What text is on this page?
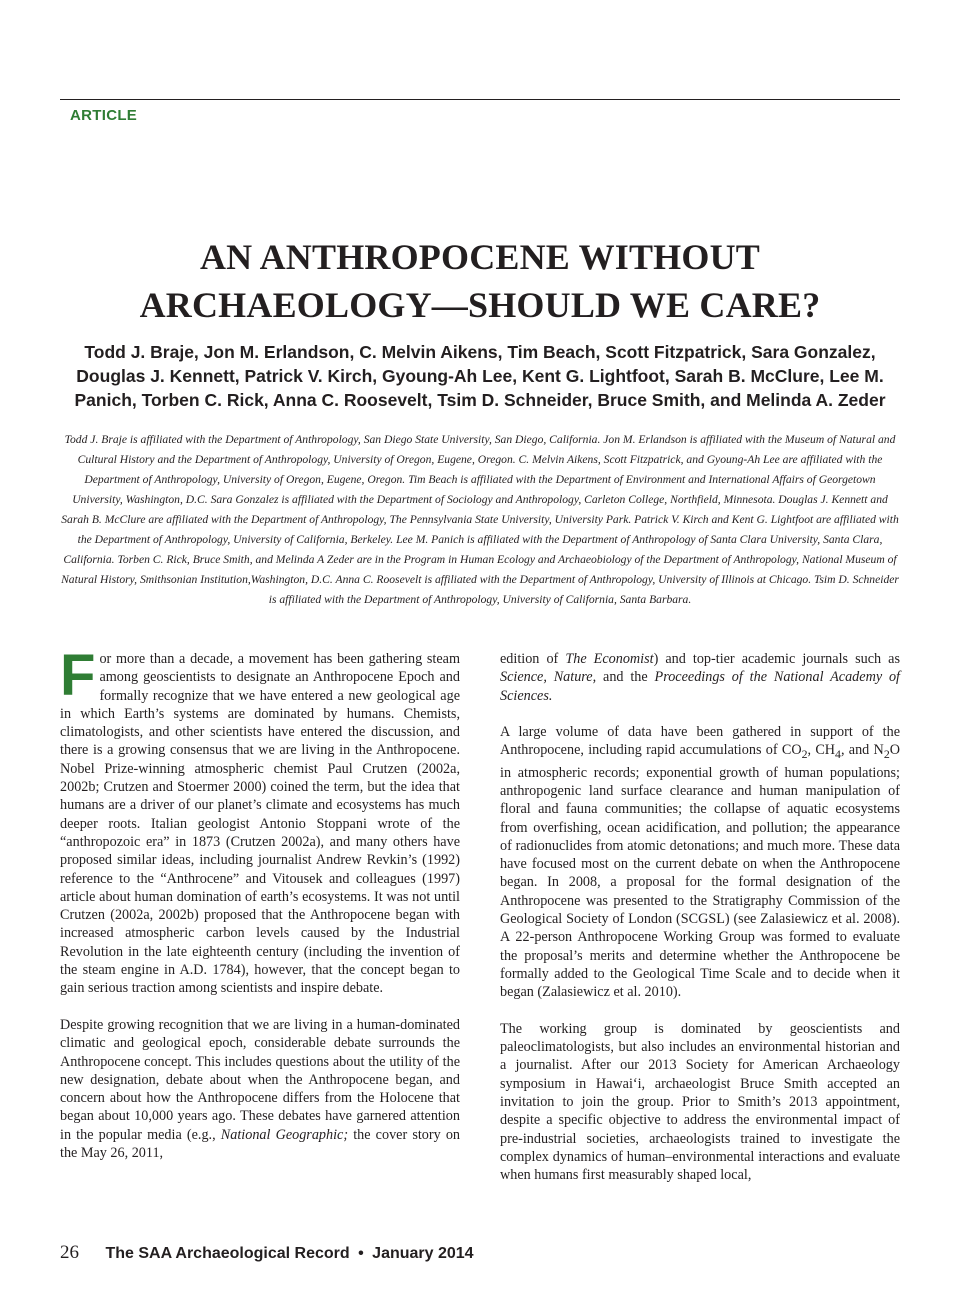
ARTICLE
AN ANTHROPOCENE WITHOUT
ARCHAEOLOGY—SHOULD WE CARE?
Todd J. Braje, Jon M. Erlandson, C. Melvin Aikens, Tim Beach, Scott Fitzpatrick, Sara Gonzalez,
Douglas J. Kennett, Patrick V. Kirch, Gyoung-Ah Lee, Kent G. Lightfoot, Sarah B. McClure, Lee M.
Panich, Torben C. Rick, Anna C. Roosevelt, Tsim D. Schneider, Bruce Smith, and Melinda A. Zeder
Todd J. Braje is affiliated with the Department of Anthropology, San Diego State University, San Diego, California. Jon M. Erlandson is affiliated with the Museum of Natural and Cultural History and the Department of Anthropology, University of Oregon, Eugene, Oregon. C. Melvin Aikens, Scott Fitzpatrick, and Gyoung-Ah Lee are affiliated with the Department of Anthropology, University of Oregon, Eugene, Oregon. Tim Beach is affiliated with the Department of Environment and International Affairs of Georgetown University, Washington, D.C. Sara Gonzalez is affiliated with the Department of Sociology and Anthropology, Carleton College, Northfield, Minnesota. Douglas J. Kennett and Sarah B. McClure are affiliated with the Department of Anthropology, The Pennsylvania State University, University Park. Patrick V. Kirch and Kent G. Lightfoot are affiliated with the Department of Anthropology, University of California, Berkeley. Lee M. Panich is affiliated with the Department of Anthropology of Santa Clara University, Santa Clara, California. Torben C. Rick, Bruce Smith, and Melinda A Zeder are in the Program in Human Ecology and Archaeobiology of the Department of Anthropology, National Museum of Natural History, Smithsonian Institution,Washington, D.C. Anna C. Roosevelt is affiliated with the Department of Anthropology, University of Illinois at Chicago. Tsim D. Schneider is affiliated with the Department of Anthropology, University of California, Santa Barbara.

For more than a decade, a movement has been gathering steam among geoscientists to designate an Anthropocene Epoch and formally recognize that we have entered a new geological age in which Earth’s systems are dominated by humans. Chemists, climatologists, and other scientists have entered the discussion, and there is a growing consensus that we are living in the Anthropocene. Nobel Prize-winning atmospheric chemist Paul Crutzen (2002a, 2002b; Crutzen and Stoermer 2000) coined the term, but the idea that humans are a driver of our planet’s climate and ecosystems has much deeper roots. Italian geologist Antonio Stoppani wrote of the “anthropozoic era” in 1873 (Crutzen 2002a), and many others have proposed similar ideas, including journalist Andrew Revkin’s (1992) reference to the “Anthrocene” and Vitousek and colleagues (1997) article about human domination of earth’s ecosystems. It was not until Crutzen (2002a, 2002b) proposed that the Anthropocene began with increased atmospheric carbon levels caused by the Industrial Revolution in the late eighteenth century (including the invention of the steam engine in A.D. 1784), however, that the concept began to gain serious traction among scientists and inspire debate.

Despite growing recognition that we are living in a human-dominated climatic and geological epoch, considerable debate surrounds the Anthropocene concept. This includes questions about the utility of the new designation, debate about when the Anthropocene began, and concern about how the Anthropocene differs from the Holocene that began about 10,000 years ago. These debates have garnered attention in the popular media (e.g., National Geographic; the cover story on the May 26, 2011,

edition of The Economist) and top-tier academic journals such as Science, Nature, and the Proceedings of the National Academy of Sciences.

A large volume of data have been gathered in support of the Anthropocene, including rapid accumulations of $CO_2$, $CH_4$, and $N_2O$ in atmospheric records; exponential growth of human populations; anthropogenic land surface clearance and human manipulation of floral and fauna communities; the collapse of aquatic ecosystems from overfishing, ocean acidification, and pollution; the appearance of radionuclides from atomic detonations; and much more. These data have focused most on the current debate on when the Anthropocene began. In 2008, a proposal for the formal designation of the Anthropocene was presented to the Stratigraphy Commission of the Geological Society of London (SCGSL) (see Zalasiewicz et al. 2008). A 22-person Anthropocene Working Group was formed to evaluate the proposal’s merits and determine whether the Anthropocene be formally added to the Geological Time Scale and to decide when it began (Zalasiewicz et al. 2010).

The working group is dominated by geoscientists and paleoclimatologists, but also includes an environmental historian and a journalist. After our 2013 Society for American Archaeology symposium in Hawai‘i, archaeologist Bruce Smith accepted an invitation to join the group. Prior to Smith’s 2013 appointment, despite a specific objective to address the environmental impact of pre-industrial societies, archaeologists trained to investigate the complex dynamics of human–environmental interactions and evaluate when humans first measurably shaped local,

26 The SAA Archaeological Record • January 2014
